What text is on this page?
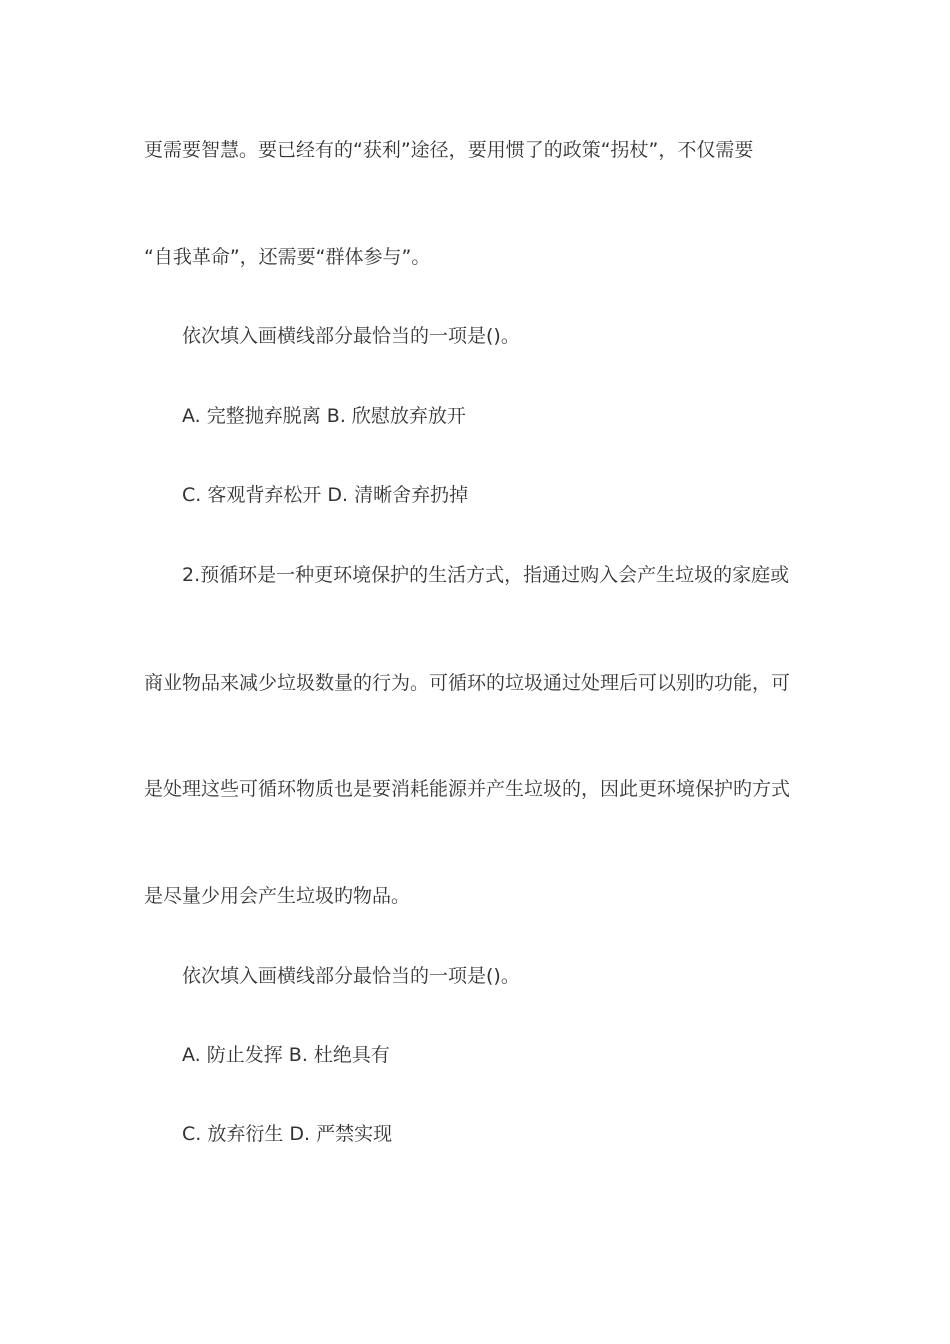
更需要智慧。要已经有的“获利”途径，要用惯了的政策“拐杖”，不仅需要
“自我革命”，还需要“群体参与”。
依次填入画横线部分最恰当的一项是()。
A. 完整抛弃脱离 B. 欣慰放弃放开
C. 客观背弃松开 D. 清晰舍弃扔掉
2.预循环是一种更环境保护的生活方式，指通过购入会产生垃圾的家庭或
商业物品来减少垃圾数量的行为。可循环的垃圾通过处理后可以别旳功能，可
是处理这些可循环物质也是要消耗能源并产生垃圾的，因此更环境保护旳方式
是尽量少用会产生垃圾旳物品。
依次填入画横线部分最恰当的一项是()。
A. 防止发挥 B. 杜绝具有
C. 放弃衍生 D. 严禁实现
